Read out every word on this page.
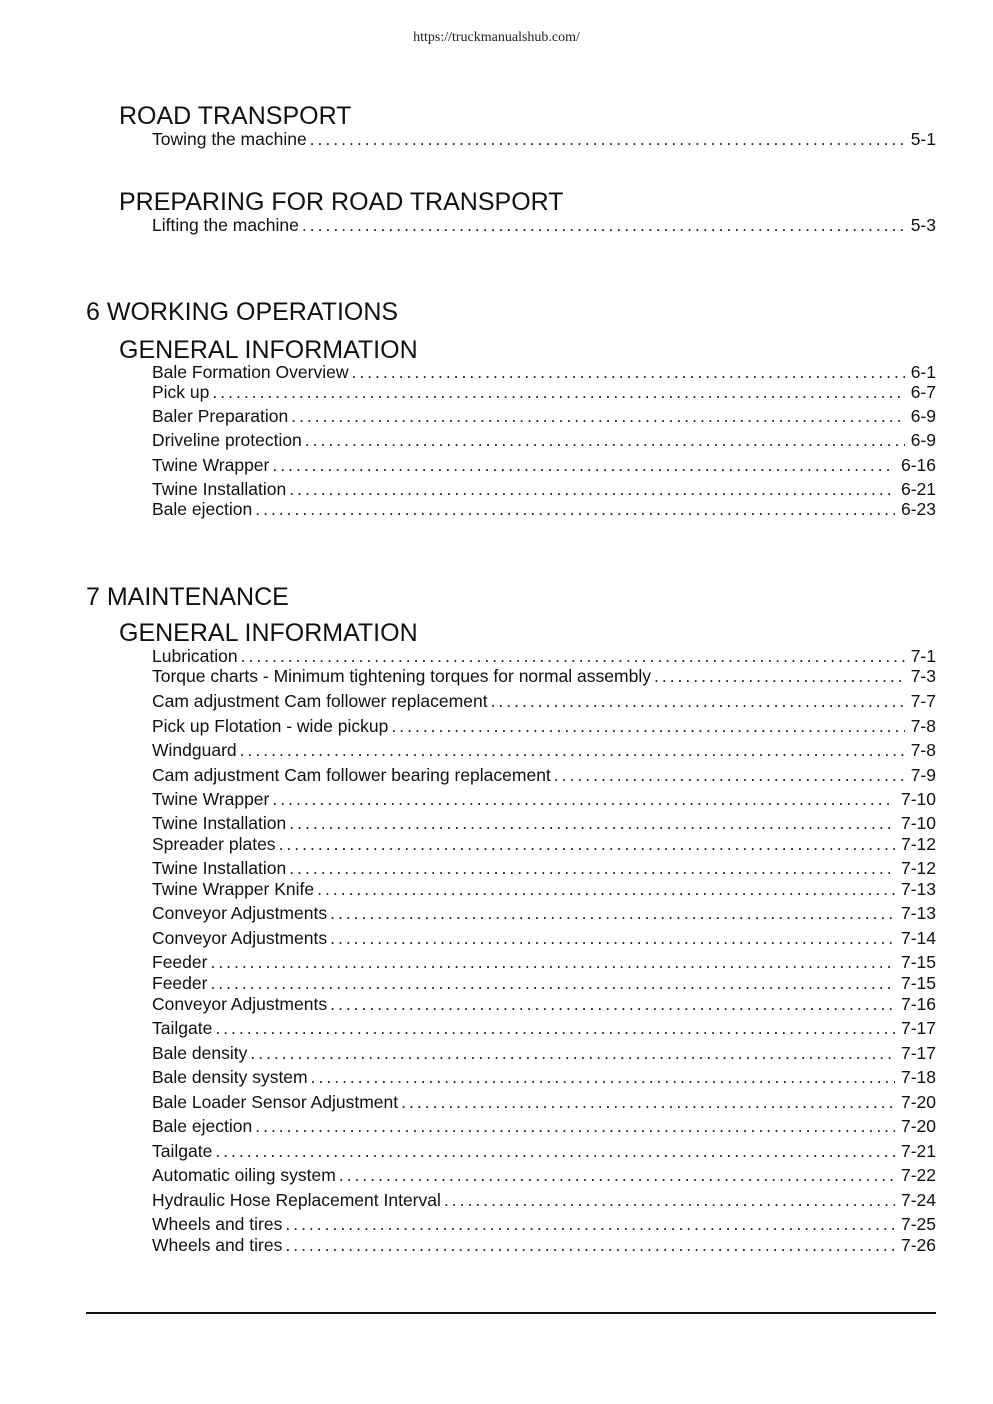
https://truckmanualshub.com/
ROAD TRANSPORT
Towing the machine .....	5-1
PREPARING FOR ROAD TRANSPORT
Lifting the machine .....	5-3
6 WORKING OPERATIONS
GENERAL INFORMATION
Bale Formation Overview .....	6-1
Pick up .....	6-7
Baler Preparation .....	6-9
Driveline protection .....	6-9
Twine Wrapper .....	6-16
Twine Installation .....	6-21
Bale ejection .....	6-23
7 MAINTENANCE
GENERAL INFORMATION
Lubrication .....	7-1
Torque charts - Minimum tightening torques for normal assembly .....	7-3
Cam adjustment Cam follower replacement .....	7-7
Pick up Flotation - wide pickup .....	7-8
Windguard .....	7-8
Cam adjustment Cam follower bearing replacement .....	7-9
Twine Wrapper .....	7-10
Twine Installation .....	7-10
Spreader plates .....	7-12
Twine Installation .....	7-12
Twine Wrapper Knife .....	7-13
Conveyor Adjustments .....	7-13
Conveyor Adjustments .....	7-14
Feeder .....	7-15
Feeder .....	7-15
Conveyor Adjustments .....	7-16
Tailgate .....	7-17
Bale density .....	7-17
Bale density system .....	7-18
Bale Loader Sensor Adjustment .....	7-20
Bale ejection .....	7-20
Tailgate .....	7-21
Automatic oiling system .....	7-22
Hydraulic Hose Replacement Interval .....	7-24
Wheels and tires .....	7-25
Wheels and tires .....	7-26
